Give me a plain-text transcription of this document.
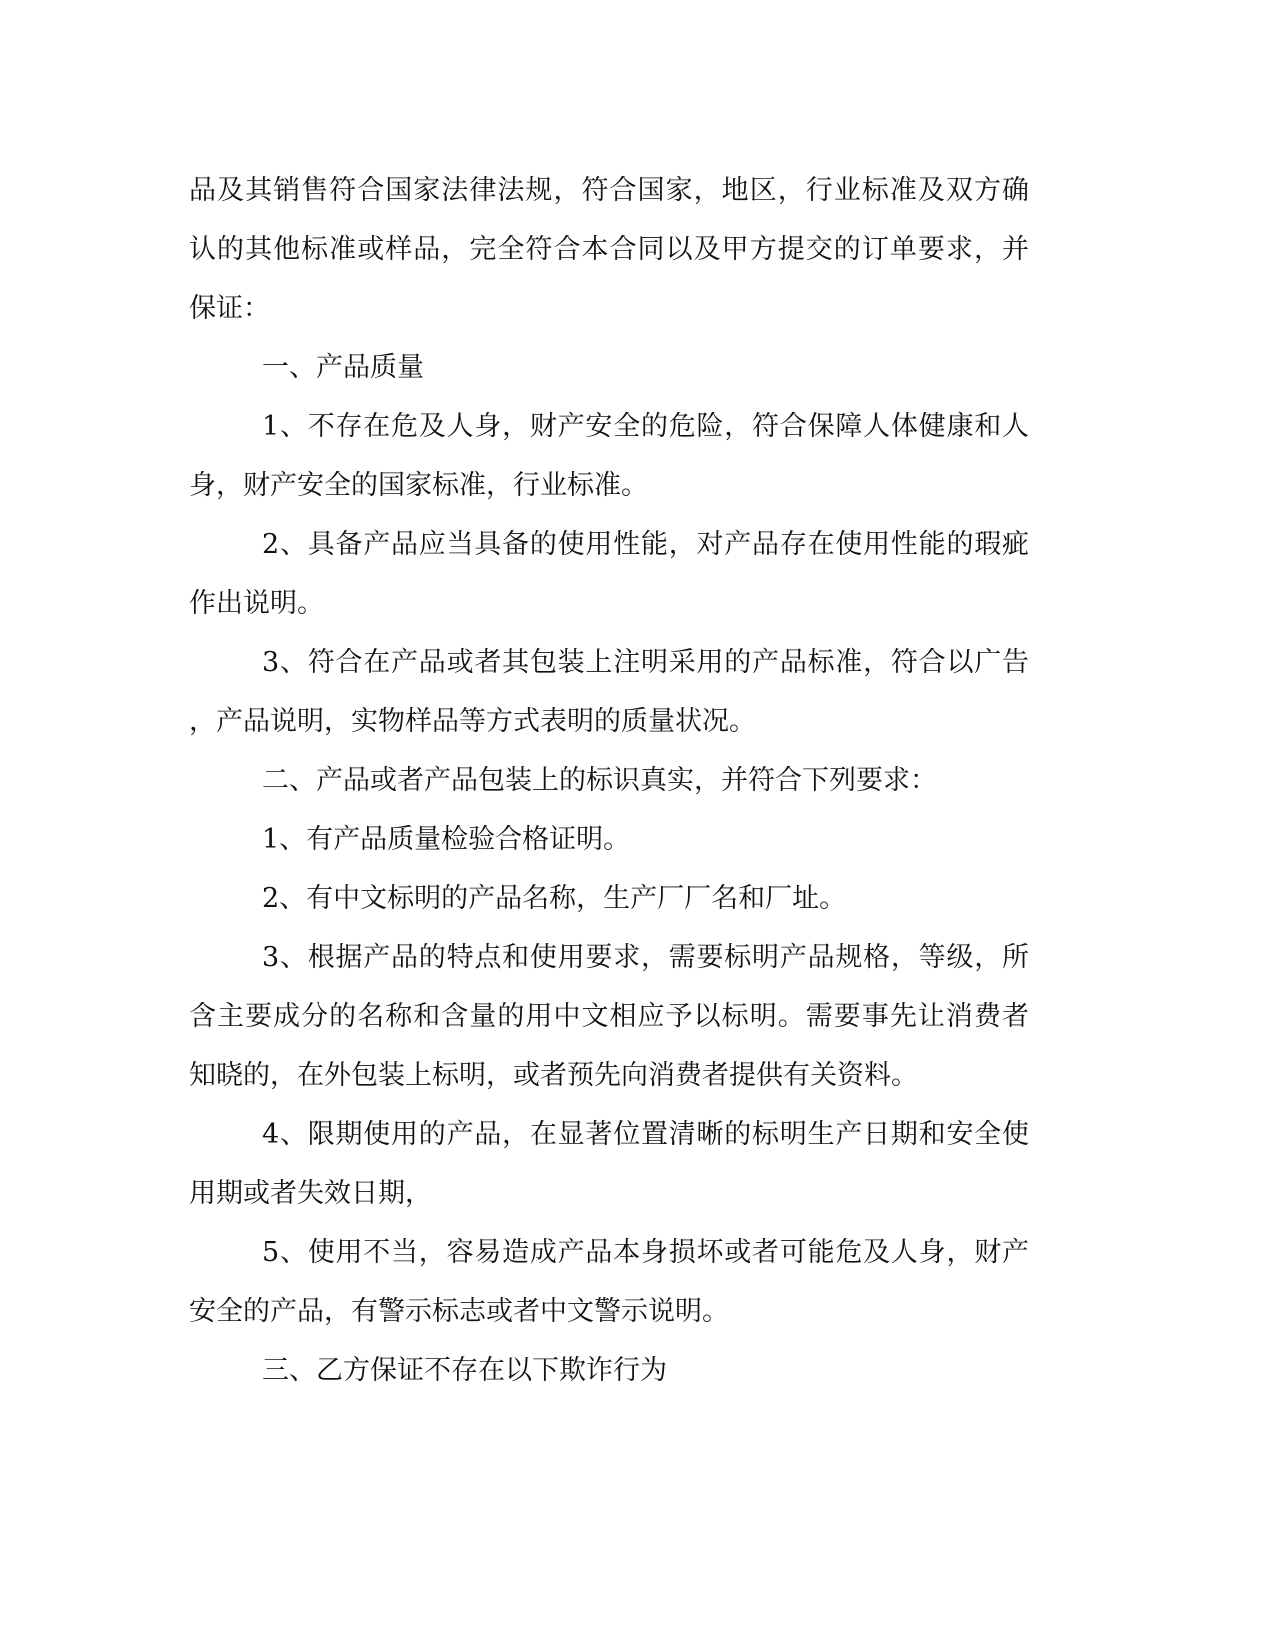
品及其销售符合国家法律法规，符合国家，地区，行业标准及双方确

认的其他标准或样品，完全符合本合同以及甲方提交的订单要求，并

保证：

一、产品质量

1、不存在危及人身，财产安全的危险，符合保障人体健康和人

身，财产安全的国家标准，行业标准。

2、具备产品应当具备的使用性能，对产品存在使用性能的瑕疵

作出说明。

3、符合在产品或者其包装上注明采用的产品标准，符合以广告

，产品说明，实物样品等方式表明的质量状况。

二、产品或者产品包装上的标识真实，并符合下列要求：

1、有产品质量检验合格证明。

2、有中文标明的产品名称，生产厂厂名和厂址。

3、根据产品的特点和使用要求，需要标明产品规格，等级，所

含主要成分的名称和含量的用中文相应予以标明。需要事先让消费者

知晓的，在外包装上标明，或者预先向消费者提供有关资料。

4、限期使用的产品，在显著位置清晰的标明生产日期和安全使

用期或者失效日期，

5、使用不当，容易造成产品本身损坏或者可能危及人身，财产

安全的产品，有警示标志或者中文警示说明。

三、乙方保证不存在以下欺诈行为
